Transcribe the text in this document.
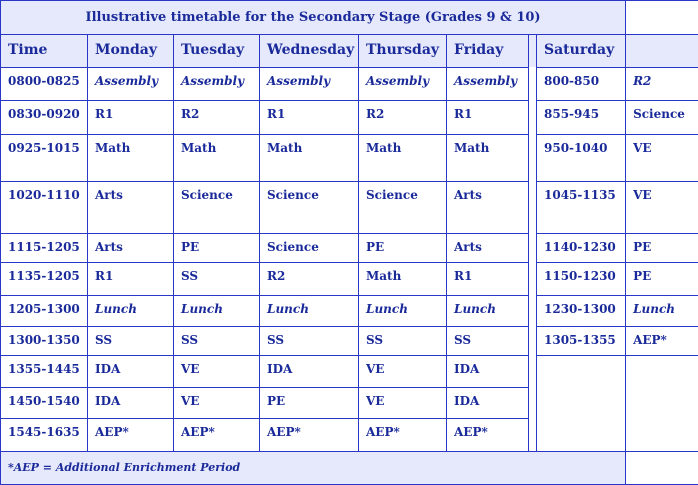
Illustrative timetable for the Secondary Stage (Grades 9 & 10)								
Time	Monday	Tuesday	Wednesday	Thursday	Friday		Saturday	
0800-0825	Assembly	Assembly	Assembly	Assembly	Assembly		800-850	R2
0830-0920	R1	R2	R1	R2	R1		855-945	Science
0925-1015	Math	Math	Math	Math	Math		950-1040	VE
1020-1110	Arts	Science	Science	Science	Arts		1045-1135	VE
1115-1205	Arts	PE	Science	PE	Arts		1140-1230	PE
1135-1205	R1	SS	R2	Math	R1		1150-1230	PE
1205-1300	Lunch	Lunch	Lunch	Lunch	Lunch		1230-1300	Lunch
1300-1350	SS	SS	SS	SS	SS		1305-1355	AEP*
1355-1445	IDA	VE	IDA	VE	IDA			
1450-1540	IDA	VE	PE	VE	IDA			
1545-1635	AEP*	AEP*	AEP*	AEP*	AEP*			
*AEP = Additional Enrichment Period								
